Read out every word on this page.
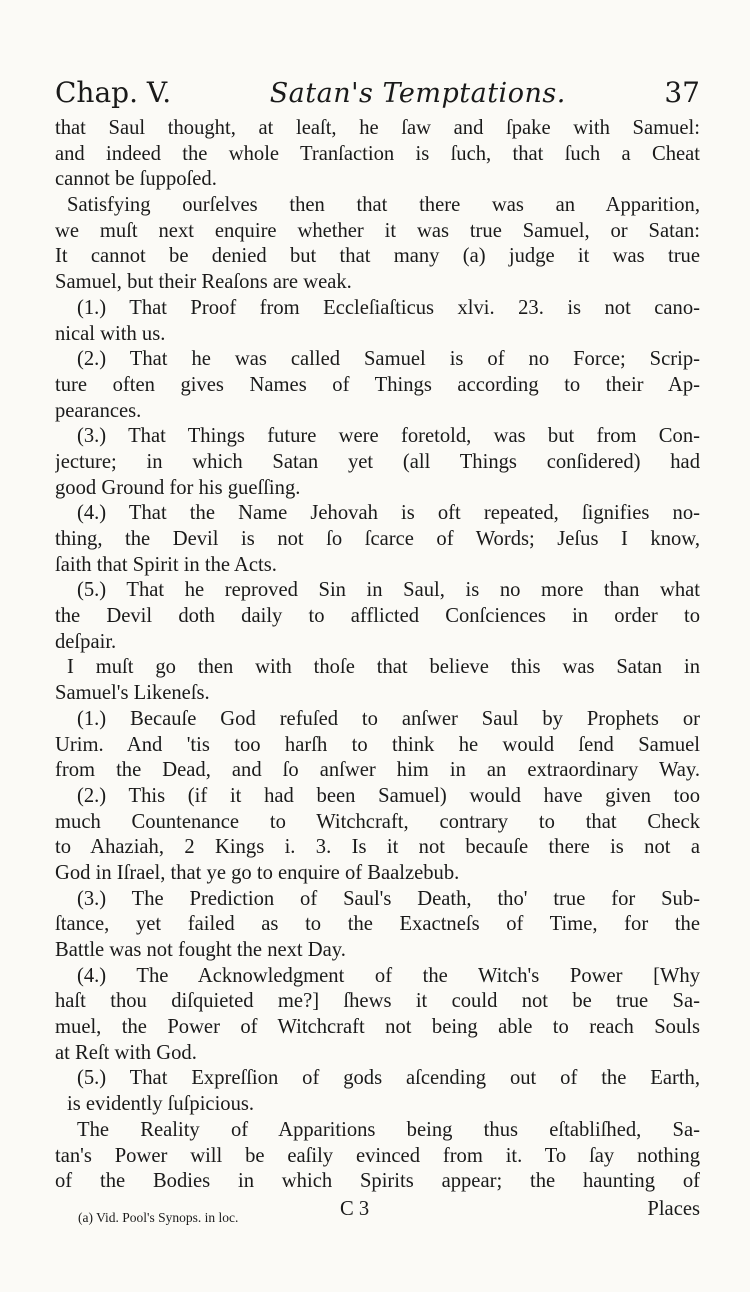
Chap. V.	Satan's Temptations.	37
that Saul thought, at leaſt, he ſaw and ſpake with Samuel:
and indeed the whole Tranſaction is ſuch, that ſuch a Cheat
cannot be ſuppoſed.
Satisfying ourſelves then that there was an Apparition,
we muſt next enquire whether it was true Samuel, or Satan:
It cannot be denied but that many (a) judge it was true
Samuel, but their Reaſons are weak.
(1.) That Proof from Eccleſiaſticus xlvi. 23. is not cano-
nical with us.
(2.) That he was called Samuel is of no Force; Scrip-
ture often gives Names of Things according to their Ap-
pearances.
(3.) That Things future were foretold, was but from Con-
jecture; in which Satan yet (all Things conſidered) had
good Ground for his gueſſing.
(4.) That the Name Jehovah is oft repeated, ſignifies no-
thing, the Devil is not ſo ſcarce of Words; Jeſus I know,
ſaith that Spirit in the Acts.
(5.) That he reproved Sin in Saul, is no more than what
the Devil doth daily to afflicted Conſciences in order to
deſpair.
I muſt go then with thoſe that believe this was Satan in
Samuel's Likeneſs.
(1.) Becauſe God refuſed to anſwer Saul by Prophets or
Urim. And 'tis too harſh to think he would ſend Samuel
from the Dead, and ſo anſwer him in an extraordinary Way.
(2.) This (if it had been Samuel) would have given too
much Countenance to Witchcraft, contrary to that Check
to Ahaziah, 2 Kings i. 3. Is it not becauſe there is not a
God in Iſrael, that ye go to enquire of Baalzebub.
(3.) The Prediction of Saul's Death, tho' true for Sub-
ſtance, yet failed as to the Exactneſs of Time, for the
Battle was not fought the next Day.
(4.) The Acknowledgment of the Witch's Power [Why
haſt thou diſquieted me?] ſhews it could not be true Sa-
muel, the Power of Witchcraft not being able to reach Souls
at Reſt with God.
(5.) That Expreſſion of gods aſcending out of the Earth,
is evidently ſuſpicious.
The Reality of Apparitions being thus eſtabliſhed, Sa-
tan's Power will be eaſily evinced from it. To ſay nothing
of the Bodies in which Spirits appear; the haunting of
C 3	Places
(a) Vid. Pool's Synops. in loc.
